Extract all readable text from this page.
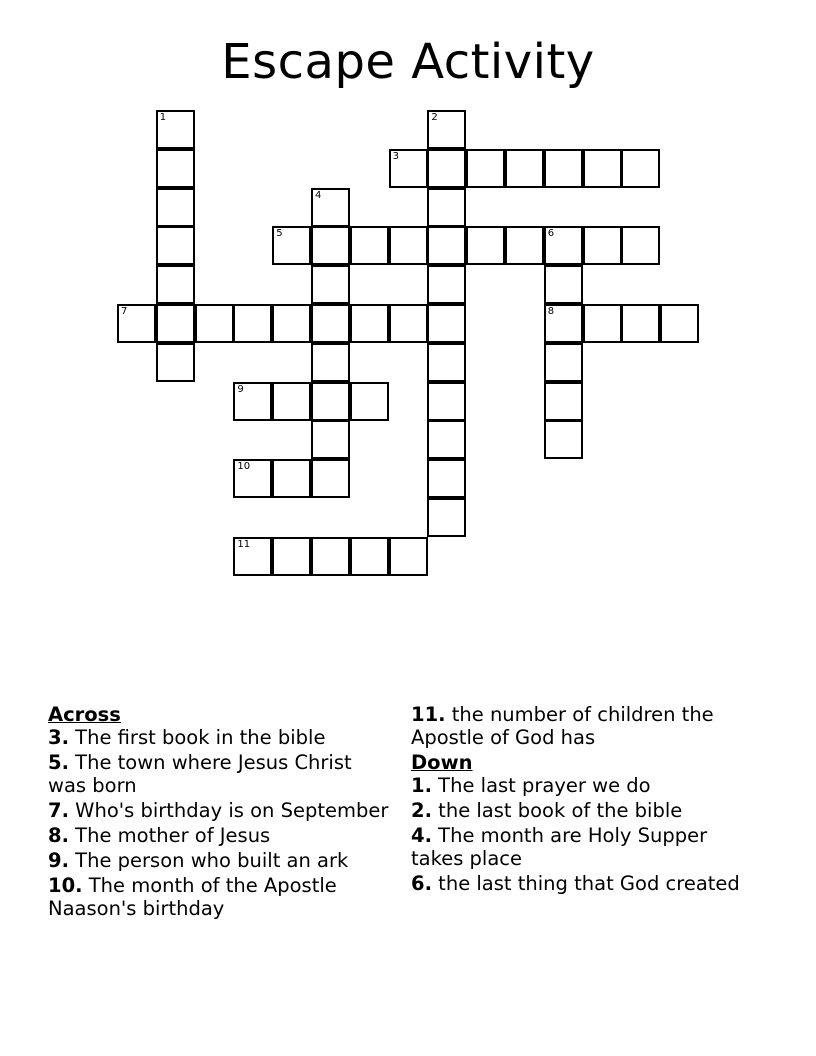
Escape Activity
1	2
3
4
5	6
7	8
9
10
11
Across
3. The first book in the bible
5. The town where Jesus Christ was born
7. Who's birthday is on September
8. The mother of Jesus
9. The person who built an ark
10. The month of the Apostle Naason's birthday
11. the number of children the Apostle of God has
Down
1. The last prayer we do
2. the last book of the bible
4. The month are Holy Supper takes place
6. the last thing that God created
